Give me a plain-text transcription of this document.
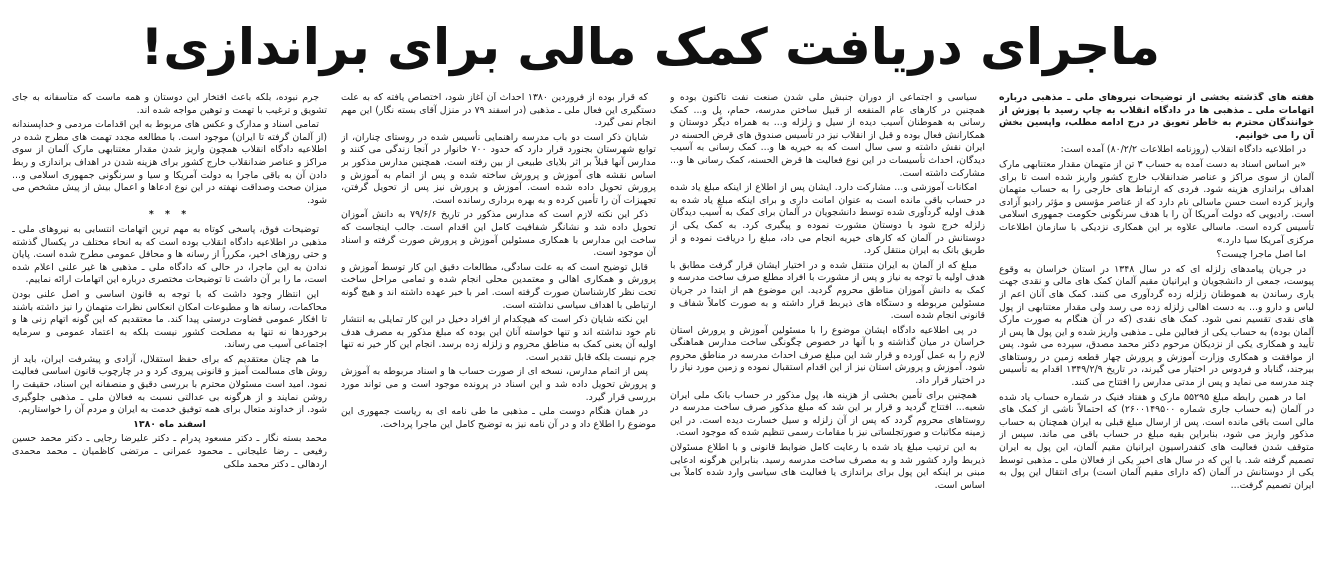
ماجرای دریافت کمک مالی برای براندازی!

هفته های گذشته بخشی از توضیحات نیروهای ملی ـ مذهبی درباره اتهامات ملی ـ مذهبی ها در دادگاه انقلاب به چاپ رسید با پوزش از خوانندگان محترم به خاطر تعویق در درج ادامه مطلب، واپسین بخش آن را می خوانیم.

در اطلاعیه دادگاه انقلاب (روزنامه اطلاعات ۸۰/۲/۲) آمده است:

«بر اساس اسناد به دست آمده به حساب ۳ تن از متهمان مقدار معتنابهی مارک آلمان از سوی مراکز و عناصر ضدانقلاب خارج کشور واریز شده است تا برای اهداف براندازی هزینه شود. فردی که ارتباط های خارجی را به حساب متهمان واریز کرده است حسن ماسالی نام دارد که از عناصر مؤسس و مؤثر رادیو آزادی است. رادیویی که دولت آمریکا آن را با هدف سرنگونی حکومت جمهوری اسلامی تأسیس کرده است. ماسالی علاوه بر این همکاری نزدیکی با سازمان اطلاعات مرکزی آمریکا سیا دارد.»

اما اصل ماجرا چیست؟

در جریان پیامدهای زلزله ای که در سال ۱۳۴۸ در استان خراسان به وقوع پیوست، جمعی از دانشجویان و ایرانیان مقیم آلمان کمک های مالی و نقدی جهت یاری رساندن به هموطنان زلزله زده گردآوری می کنند. کمک های آنان اعم از لباس و دارو و... به دست اهالی زلزله زده می رسد ولی مقدار معتنابهی از پول های نقدی تقسیم نمی شود. کمک های نقدی (که در آن هنگام به صورت مارک آلمان بوده) به حساب یکی از فعالین ملی ـ مذهبی واریز شده و این پول ها پس از تأیید و همکاری یکی از نزدیکان مرحوم دکتر محمد مصدق، سپرده می شود. پس از موافقت و همکاری وزارت آموزش و پرورش چهار قطعه زمین در روستاهای بیرجند، گناباد و فردوس در اختیار می گیرند، در تاریخ ۱۳۴۹/۲/۹ اقدام به تأسیس چند مدرسه می نماید و پس از مدتی مدارس را افتتاح می کنند.

اما در همین رابطه مبلغ ۵۵۲۹۵ مارک و هفتاد فنیک در شماره حساب یاد شده در آلمان (به حساب جاری شماره ۲۶۰۰۱۴۹۵۰۰) که احتمالاً ناشی از کمک های مالی است باقی مانده است. پس از ارسال مبلغ قبلی به ایران همچنان به حساب مذکور واریز می شود، بنابراین بقیه مبلغ در حساب باقی می ماند. سپس از متوقف شدن فعالیت های کنفدراسیون ایرانیان مقیم آلمان، این پول به ایران تصمیم گرفته شد. با این که در سال های اخیر یکی از فعالان ملی ـ مذهبی توسط یکی از دوستانش در آلمان (که دارای مقیم آلمان است) برای انتقال این پول به ایران تصمیم گرفت...

سیاسی و اجتماعی از دوران جنبش ملی شدن صنعت نفت تاکنون بوده و همچنین در کارهای عام المنفعه از قبیل ساختن مدرسه، حمام، پل و... کمک رسانی به هموطنان آسیب دیده از سیل و زلزله و... به همراه دیگر دوستان و همکارانش فعال بوده و قبل از انقلاب نیز در تأسیس صندوق های قرض الحسنه در ایران نقش داشته و سی سال است که به خیریه ها و... کمک رسانی به آسیب دیدگان، احداث تأسیسات در این نوع فعالیت ها قرض الحسنه، کمک رسانی ها و... مشارکت داشته است.

امکانات آموزشی و... مشارکت دارد. ایشان پس از اطلاع از اینکه مبلغ یاد شده در حساب باقی مانده است به عنوان امانت داری و برای اینکه مبلغ یاد شده به هدف اولیه گردآوری شده توسط دانشجویان در آلمان برای کمک به آسیب دیدگان زلزله خرج شود با دوستان مشورت نموده و پیگیری کرد. به کمک یکی از دوستانش در آلمان که کارهای خیریه انجام می داد، مبلغ را دریافت نموده و از طریق بانک به ایران منتقل کرد.

مبلغ که از آلمان به ایران منتقل شده و در اختیار ایشان قرار گرفت مطابق با هدف اولیه با توجه به نیاز و پس از مشورت با افراد مطلع صرف ساخت مدرسه و کمک به دانش آموزان مناطق محروم گردید. این موضوع هم از ابتدا در جریان مسئولین مربوطه و دستگاه های ذیربط قرار داشته و به صورت کاملاً شفاف و قانونی انجام شده است.

در پی اطلاعیه دادگاه ایشان موضوع را با مسئولین آموزش و پرورش استان خراسان در میان گذاشته و با آنها در خصوص چگونگی ساخت مدارس هماهنگی لازم را به عمل آورده و قرار شد این مبلغ صرف احداث مدرسه در مناطق محروم شود. آموزش و پرورش استان نیز از این اقدام استقبال نموده و زمین مورد نیاز را در اختیار قرار داد.

همچنین برای تأمین بخشی از هزینه ها، پول مذکور در حساب بانک ملی ایران شعبه... افتتاح گردید و قرار بر این شد که مبلغ مذکور صرف ساخت مدرسه در روستاهای محروم گردد که پس از آن زلزله و سیل خسارت دیده است. در این زمینه مکاتبات و صورتجلساتی نیز با مقامات رسمی تنظیم شده که موجود است.

به این ترتیب مبلغ یاد شده با رعایت کامل ضوابط قانونی و با اطلاع مسئولان ذیربط وارد کشور شد و به مصرف ساخت مدرسه رسید. بنابراین هرگونه ادعایی مبنی بر اینکه این پول برای براندازی یا فعالیت های سیاسی وارد شده کاملاً بی اساس است.

که قرار بوده از فروردین ۱۳۸۰ احداث آن آغاز شود، اختصاص یافته که به علت دستگیری این فعال ملی ـ مذهبی (در اسفند ۷۹ در منزل آقای بسته نگار) این مهم انجام نمی گیرد.

شایان ذکر است دو باب مدرسه راهنمایی تأسیس شده در روستای چناران، از توابع شهرستان بجنورد قرار دارد که حدود ۷۰۰ خانوار در آنجا زندگی می کنند و مدارس آنها قبلاً بر اثر بلایای طبیعی از بین رفته است. همچنین مدارس مذکور بر اساس نقشه های آموزش و پرورش ساخته شده و پس از اتمام به آموزش و پرورش تحویل داده شده است. آموزش و پرورش نیز پس از تحویل گرفتن، تجهیزات آن را تأمین کرده و به بهره برداری رسانده است.

ذکر این نکته لازم است که مدارس مذکور در تاریخ ۷۹/۶/۶ به دانش آموزان تحویل داده شد و نشانگر شفافیت کامل این اقدام است. جالب اینجاست که ساخت این مدارس با همکاری مسئولین آموزش و پرورش صورت گرفته و اسناد آن موجود است.

قابل توضیح است که به علت سادگی، مطالعات دقیق این کار توسط آموزش و پرورش و همکاری اهالی و معتمدین محلی انجام شده و تمامی مراحل ساخت تحت نظر کارشناسان صورت گرفته است. امر با خبر عهده داشته اند و هیچ گونه ارتباطی با اهداف سیاسی نداشته است.

این نکته شایان ذکر است که هیچکدام از افراد دخیل در این کار تمایلی به انتشار نام خود نداشته اند و تنها خواسته آنان این بوده که مبلغ مذکور به مصرف هدف اولیه آن یعنی کمک به مناطق محروم و زلزله زده برسد. انجام این کار خیر نه تنها جرم نیست بلکه قابل تقدیر است.

پس از اتمام مدارس، نسخه ای از صورت حساب ها و اسناد مربوطه به آموزش و پرورش تحویل داده شد و این اسناد در پرونده موجود است و می تواند مورد بررسی قرار گیرد.

در همان هنگام دوست ملی ـ مذهبی ما طی نامه ای به ریاست جمهوری این موضوع را اطلاع داد و در آن نامه نیز به توضیح کامل این ماجرا پرداخت.

جرم نبوده، بلکه باعث افتخار این دوستان و همه ماست که متأسفانه به جای تشویق و ترغیب با تهمت و توهین مواجه شده اند.

تمامی اسناد و مدارک و عکس های مربوط به این اقدامات مردمی و خداپسندانه (از آلمان گرفته تا ایران) موجود است. با مطالعه مجدد تهمت های مطرح شده در اطلاعیه دادگاه انقلاب همچون واریز شدن مقدار معتنابهی مارک آلمان از سوی مراکز و عناصر ضدانقلاب خارج کشور برای هزینه شدن در اهداف براندازی و ربط دادن آن به باقی ماجرا به دولت آمریکا و سیا و سرنگونی جمهوری اسلامی و... میزان صحت وصداقت نهفته در این نوع ادعاها و اعمال بیش از پیش مشخص می شود.

* * *

توضیحات فوق، پاسخی کوتاه به مهم ترین اتهامات انتسابی به نیروهای ملی ـ مذهبی در اطلاعیه دادگاه انقلاب بوده است که به انحاء مختلف در یکسال گذشته و حتی روزهای اخیر، مکرراً از رسانه ها و محافل عمومی مطرح شده است. پایان ندادن به این ماجرا، در حالی که دادگاه ملی ـ مذهبی ها غیر علنی اعلام شده است، ما را بر آن داشت تا توضیحات مختصری درباره این اتهامات ارائه نماییم.

این انتظار وجود داشت که با توجه به قانون اساسی و اصل علنی بودن محاکمات، رسانه ها و مطبوعات امکان انعکاس نظرات متهمان را نیز داشته باشند تا افکار عمومی قضاوت درستی پیدا کند. ما معتقدیم که این گونه اتهام زنی ها و برخوردها نه تنها به مصلحت کشور نیست بلکه به اعتماد عمومی و سرمایه اجتماعی آسیب می رساند.

ما هم چنان معتقدیم که برای حفظ استقلال، آزادی و پیشرفت ایران، باید از روش های مسالمت آمیز و قانونی پیروی کرد و در چارچوب قانون اساسی فعالیت نمود. امید است مسئولان محترم با بررسی دقیق و منصفانه این اسناد، حقیقت را روشن نمایند و از هرگونه بی عدالتی نسبت به فعالان ملی ـ مذهبی جلوگیری شود. از خداوند متعال برای همه توفیق خدمت به ایران و مردم آن را خواستاریم.

اسفند ماه ۱۳۸۰

محمد بسته نگار ـ دکتر مسعود پدرام ـ دکتر علیرضا رجایی ـ دکتر محمد حسین رفیعی ـ رضا علیجانی ـ محمود عمرانی ـ مرتضی کاظمیان ـ محمد محمدی اردهالی ـ دکتر محمد ملکی
